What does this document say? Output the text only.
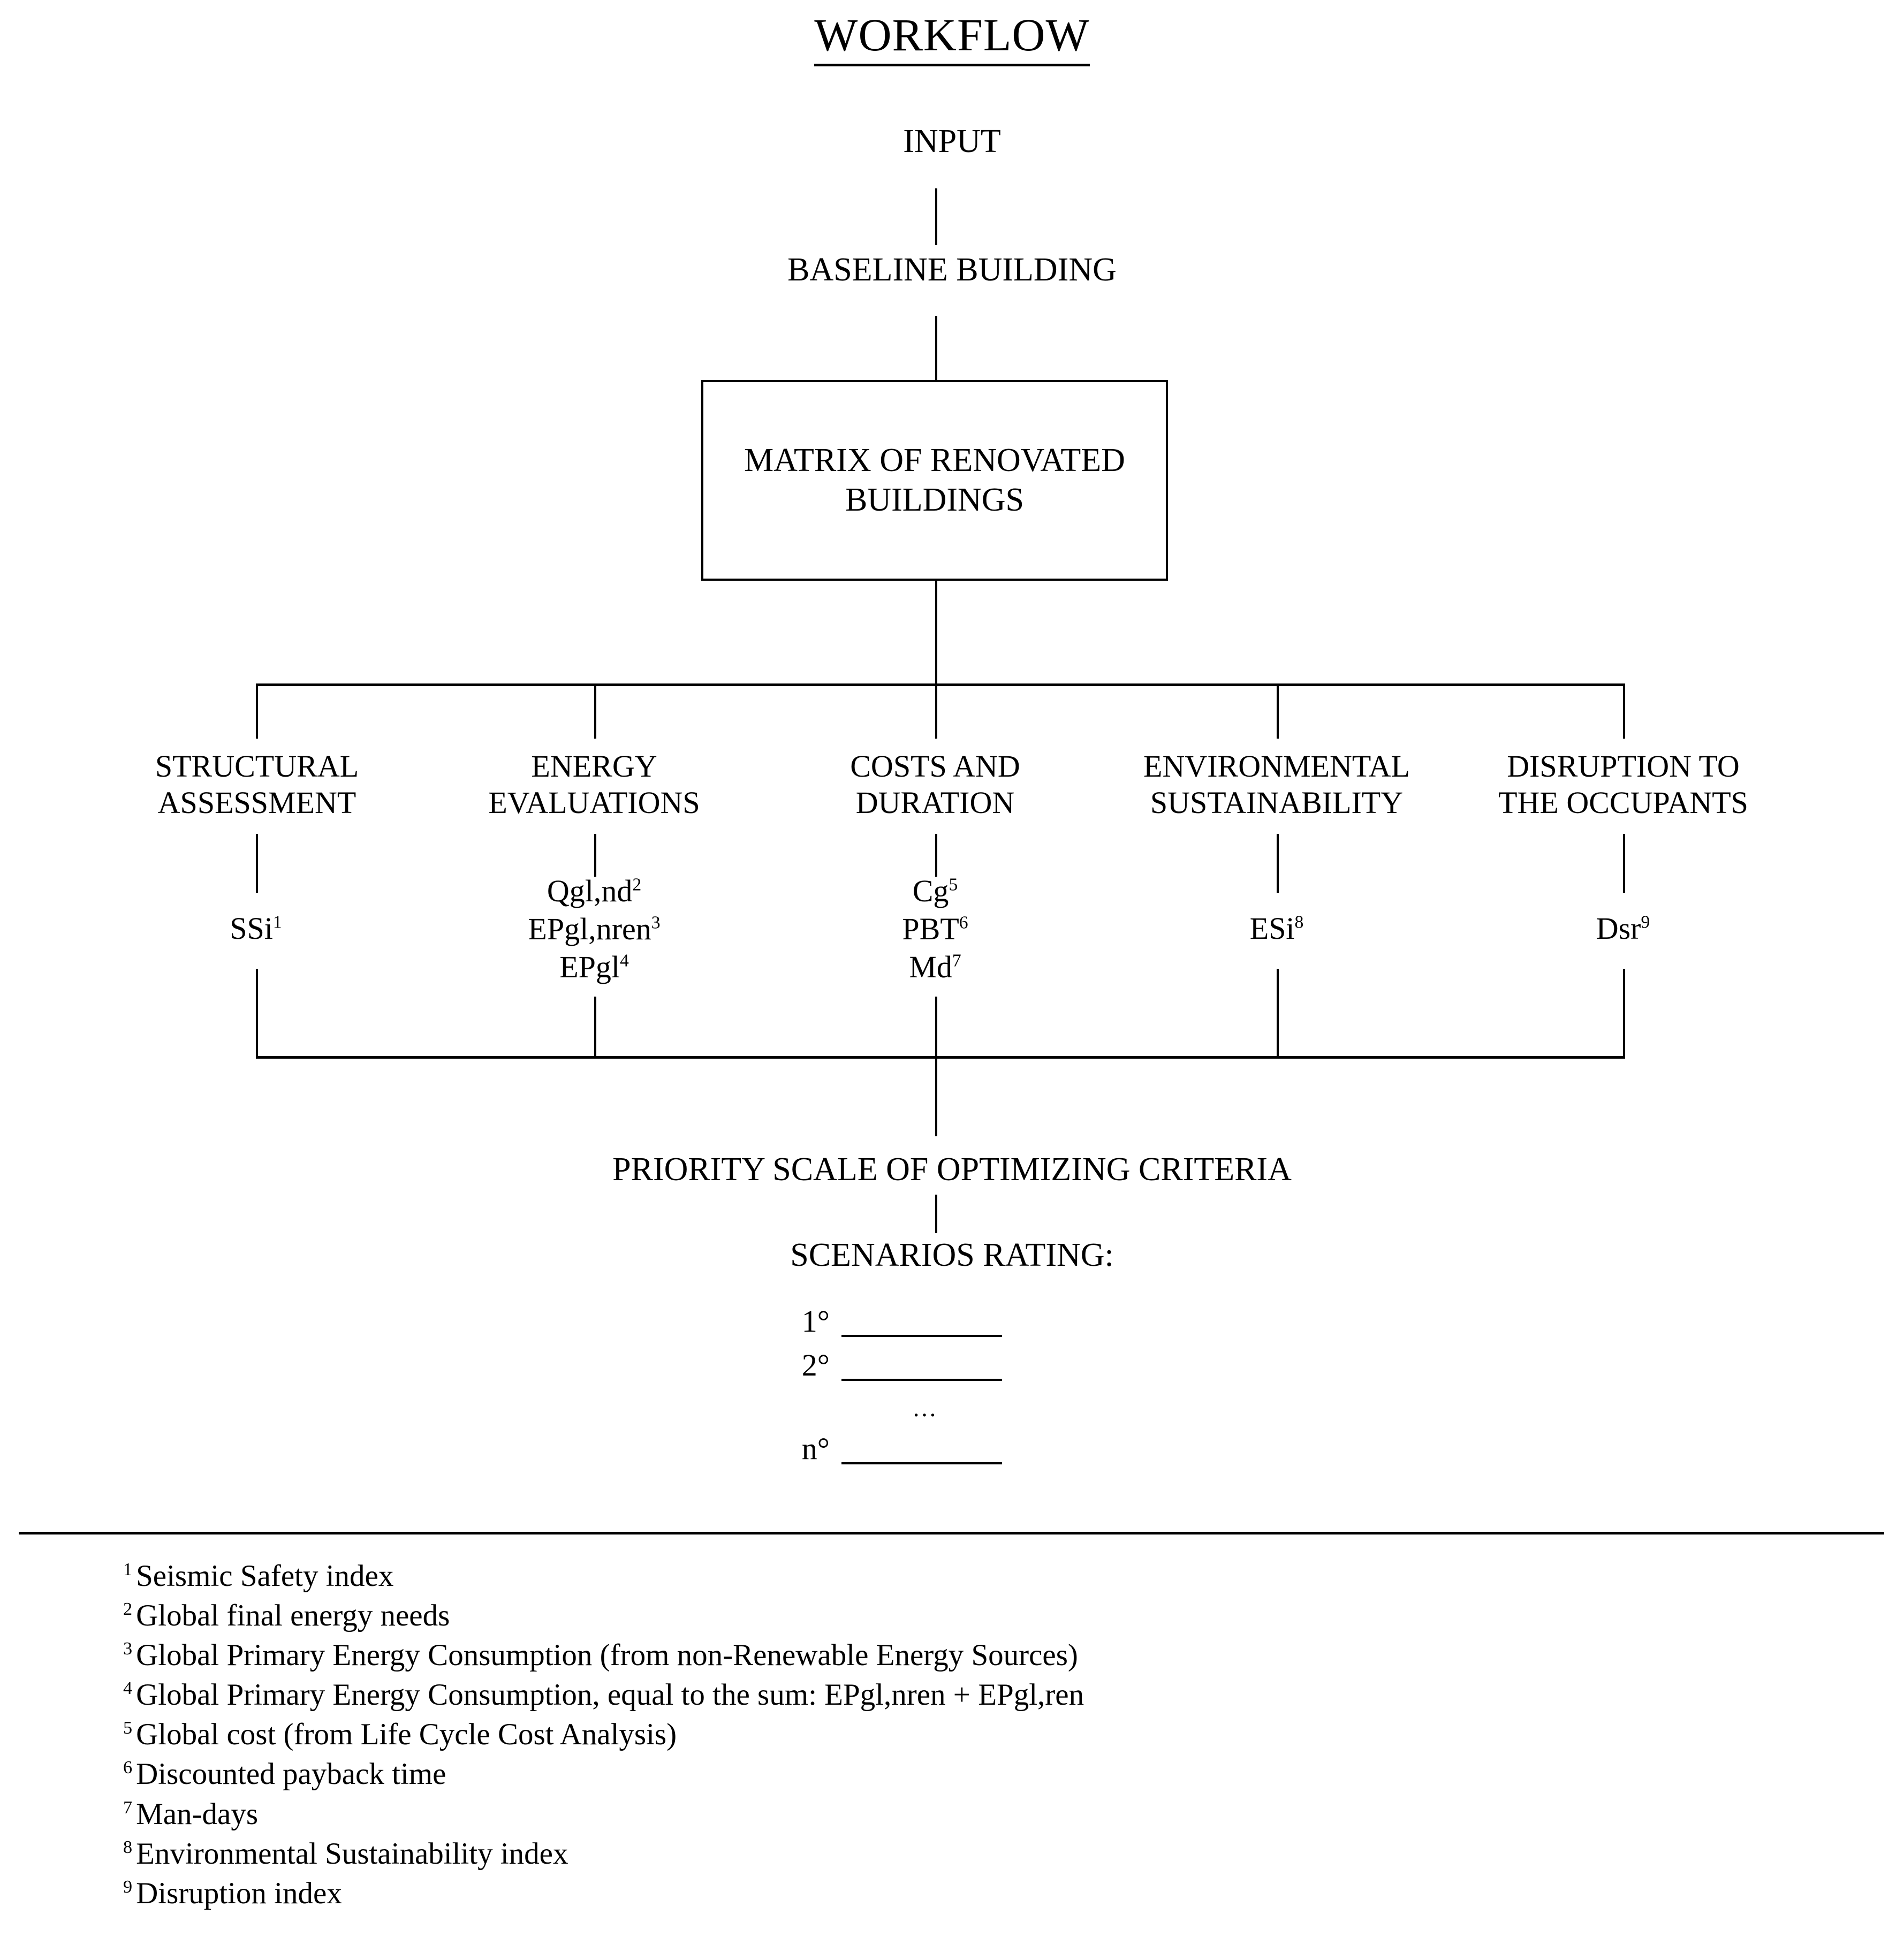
WORKFLOW
INPUT
BASELINE BUILDING
MATRIX OF RENOVATED
BUILDINGS
STRUCTURAL
ASSESSMENT
ENERGY
EVALUATIONS
COSTS AND
DURATION
ENVIRONMENTAL
SUSTAINABILITY
DISRUPTION TO
THE OCCUPANTS
SSi$^1$
$Qgl,nd^2$
EPgl,nren$^3$
EPgl$^4$
Cg$^5$
PBT$^6$
Md$^7$
ESi$^8$	Dsr$^9$
PRIORITY SCALE OF OPTIMIZING CRITERIA
SCENARIOS RATING:
1°
2°
…
n°
$^1$ Seismic Safety index
$^2$ Global final energy needs
$^3$ Global Primary Energy Consumption (from non-Renewable Energy Sources)
$^4$ Global Primary Energy Consumption, equal to the sum: EPgl,nren + EPgl,ren
$^5$ Global cost (from Life Cycle Cost Analysis)
$^6$ Discounted payback time
$^7$ Man-days
$^8$ Environmental Sustainability index
$^9$ Disruption index
